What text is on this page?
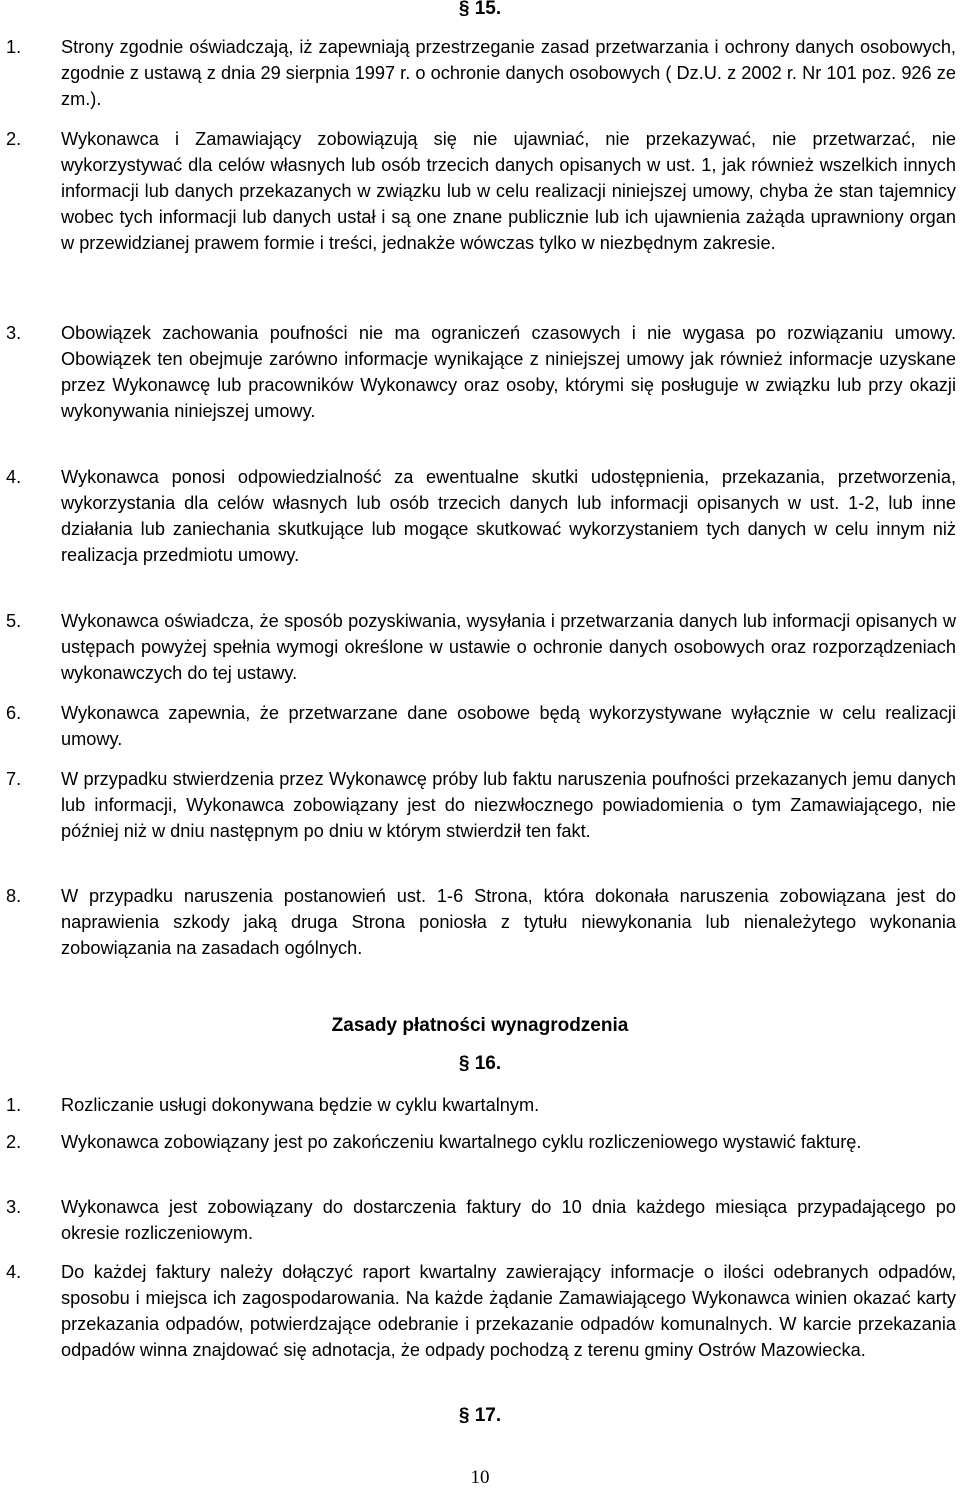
§ 15.
1. Strony zgodnie oświadczają, iż zapewniają przestrzeganie zasad przetwarzania i ochrony danych osobowych, zgodnie z ustawą z dnia 29 sierpnia 1997 r. o ochronie danych osobowych ( Dz.U. z 2002 r. Nr 101 poz. 926 ze zm.).
2. Wykonawca i Zamawiający zobowiązują się nie ujawniać, nie przekazywać, nie przetwarzać, nie wykorzystywać dla celów własnych lub osób trzecich danych opisanych w ust. 1, jak również wszelkich innych informacji lub danych przekazanych w związku lub w celu realizacji niniejszej umowy, chyba że stan tajemnicy wobec tych informacji lub danych ustał i są one znane publicznie lub ich ujawnienia zażąda uprawniony organ w przewidzianej prawem formie i treści, jednakże wówczas tylko w niezbędnym zakresie.
3. Obowiązek zachowania poufności nie ma ograniczeń czasowych i nie wygasa po rozwiązaniu umowy. Obowiązek ten obejmuje zarówno informacje wynikające z niniejszej umowy jak również informacje uzyskane przez Wykonawcę lub pracowników Wykonawcy oraz osoby, którymi się posługuje w związku lub przy okazji wykonywania niniejszej umowy.
4. Wykonawca ponosi odpowiedzialność za ewentualne skutki udostępnienia, przekazania, przetworzenia, wykorzystania dla celów własnych lub osób trzecich danych lub informacji opisanych w ust. 1-2, lub inne działania lub zaniechania skutkujące lub mogące skutkować wykorzystaniem tych danych w celu innym niż realizacja przedmiotu umowy.
5. Wykonawca oświadcza, że sposób pozyskiwania, wysyłania i przetwarzania danych lub informacji opisanych w ustępach powyżej spełnia wymogi określone w ustawie o ochronie danych osobowych oraz rozporządzeniach wykonawczych do tej ustawy.
6. Wykonawca zapewnia, że przetwarzane dane osobowe będą wykorzystywane wyłącznie w celu realizacji umowy.
7. W przypadku stwierdzenia przez Wykonawcę próby lub faktu naruszenia poufności przekazanych jemu danych lub informacji, Wykonawca zobowiązany jest do niezwłocznego powiadomienia o tym Zamawiającego, nie później niż w dniu następnym po dniu w którym stwierdził ten fakt.
8. W przypadku naruszenia postanowień ust. 1-6 Strona, która dokonała naruszenia zobowiązana jest do naprawienia szkody jaką druga Strona poniosła z tytułu niewykonania lub nienależytego wykonania zobowiązania na zasadach ogólnych.
Zasady płatności wynagrodzenia
§ 16.
1. Rozliczanie usługi dokonywana będzie w cyklu kwartalnym.
2. Wykonawca zobowiązany jest po zakończeniu kwartalnego cyklu rozliczeniowego wystawić fakturę.
3. Wykonawca jest zobowiązany do dostarczenia faktury do 10 dnia każdego miesiąca przypadającego po okresie rozliczeniowym.
4. Do każdej faktury należy dołączyć raport kwartalny zawierający informacje o ilości odebranych odpadów, sposobu i miejsca ich zagospodarowania. Na każde żądanie Zamawiającego Wykonawca winien okazać karty przekazania odpadów, potwierdzające odebranie i przekazanie odpadów komunalnych. W karcie przekazania odpadów winna znajdować się adnotacja, że odpady pochodzą z terenu gminy Ostrów Mazowiecka.
§ 17.
10
